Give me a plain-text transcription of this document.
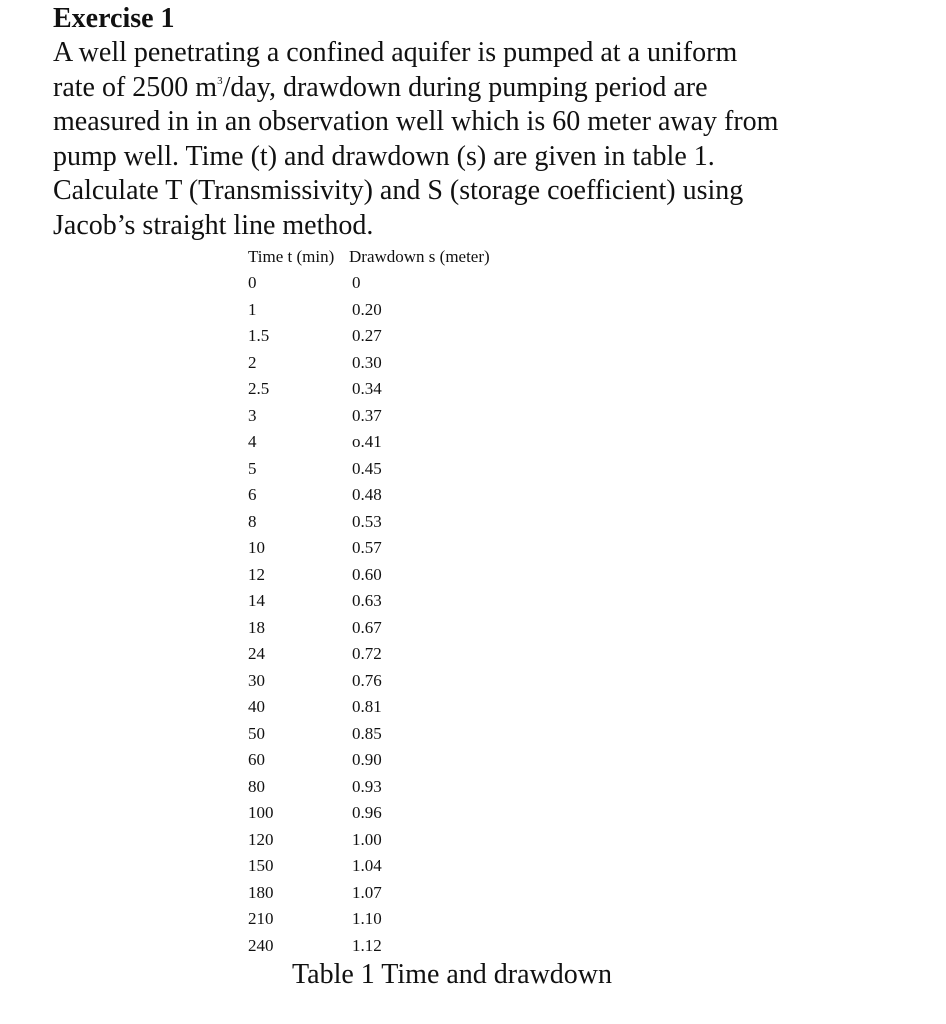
Exercise 1
A well penetrating a confined aquifer is pumped at a uniform
rate of 2500 $m^3$/day, drawdown during pumping period are
measured in in an observation well which is 60 meter away from
pump well. Time (t) and drawdown (s) are given in table 1.
Calculate T (Transmissivity) and S (storage coefficient) using
Jacob’s straight line method.
Time t (min) Drawdown s (meter)
0	0
1	0.20
1.5	0.27
2	0.30
2.5	0.34
3	0.37
4	o.41
5	0.45
6	0.48
8	0.53
10	0.57
12	0.60
14	0.63
18	0.67
24	0.72
30	0.76
40	0.81
50	0.85
60	0.90
80	0.93
100	0.96
120	1.00
150	1.04
180	1.07
210	1.10
240	1.12
Table 1 Time and drawdown
